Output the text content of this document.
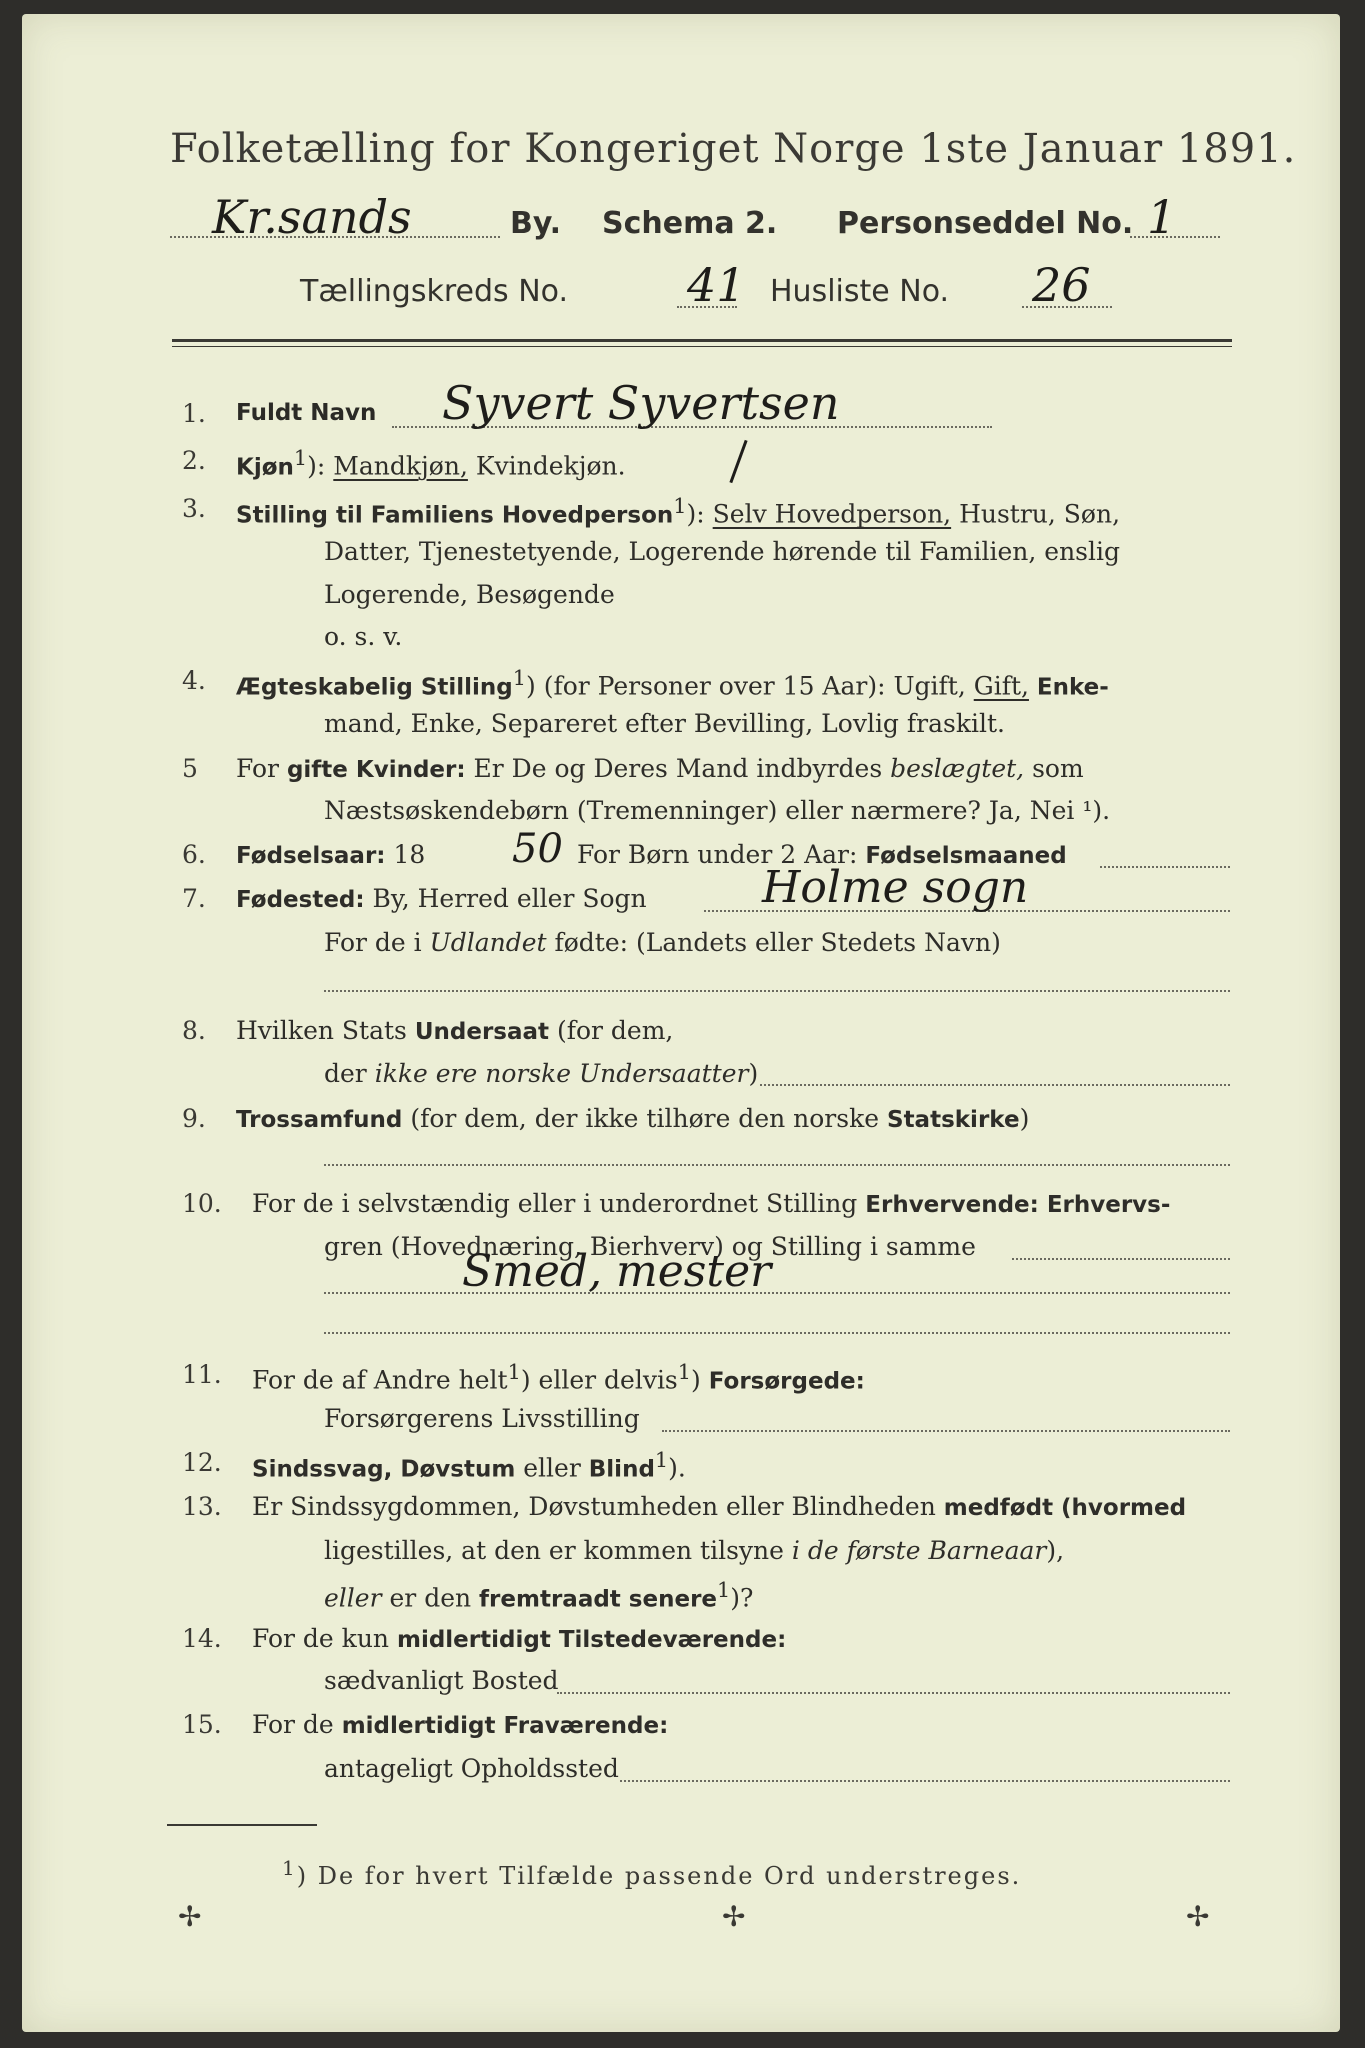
Folketælling for Kongeriget Norge 1ste Januar 1891.
Kr.sands	By. Schema 2. Personseddel No. 1
Tællingskreds No.	41 Husliste No. 26
1. Fuldt Navn Syvert Syvertsen
2. Kjøn$^1$): Mandkjøn, Kvindekjøn.
3. Stilling til Familiens Hovedperson$^1$): Selv Hovedperson, Hustru, Søn,
Datter, Tjenestetyende, Logerende hørende til Familien, enslig
Logerende, Besøgende
o. s. v.
4. Ægteskabelig Stilling$^1$) (for Personer over 15 Aar): Ugift, Gift, Enke-
mand, Enke, Separeret efter Bevilling, Lovlig fraskilt.
5 For gifte Kvinder: Er De og Deres Mand indbyrdes beslægtet, som
Næstsøskendebørn (Tremenninger) eller nærmere? Ja, Nei ¹).
6. Fødselsaar: 18 50 For Børn under 2 Aar: Fødselsmaaned
7. Fødested: By, Herred eller Sogn	Holme sogn
For de i Udlandet fødte: (Landets eller Stedets Navn)
8. Hvilken Stats Undersaat (for dem,
der ikke ere norske Undersaatter)
9. Trossamfund (for dem, der ikke tilhøre den norske Statskirke)
10. For de i selvstændig eller i underordnet Stilling Erhvervende: Erhvervs-
gren (Hovednæring, Bierhverv) og Stilling i samme
Smed, mester
11. For de af Andre helt$^1$) eller delvis$^1$) Forsørgede:
Forsørgerens Livsstilling
12. Sindssvag, Døvstum eller Blind$^1$).
13. Er Sindssygdommen, Døvstumheden eller Blindheden medfødt (hvormed
ligestilles, at den er kommen tilsyne i de første Barneaar),
eller er den fremtraadt senere$^1$)?
14. For de kun midlertidigt Tilstedeværende:
sædvanligt Bosted
15. For de midlertidigt Fraværende:
antageligt Opholdssted
$^1$) De for hvert Tilfælde passende Ord understreges.
✢	✢	✢
